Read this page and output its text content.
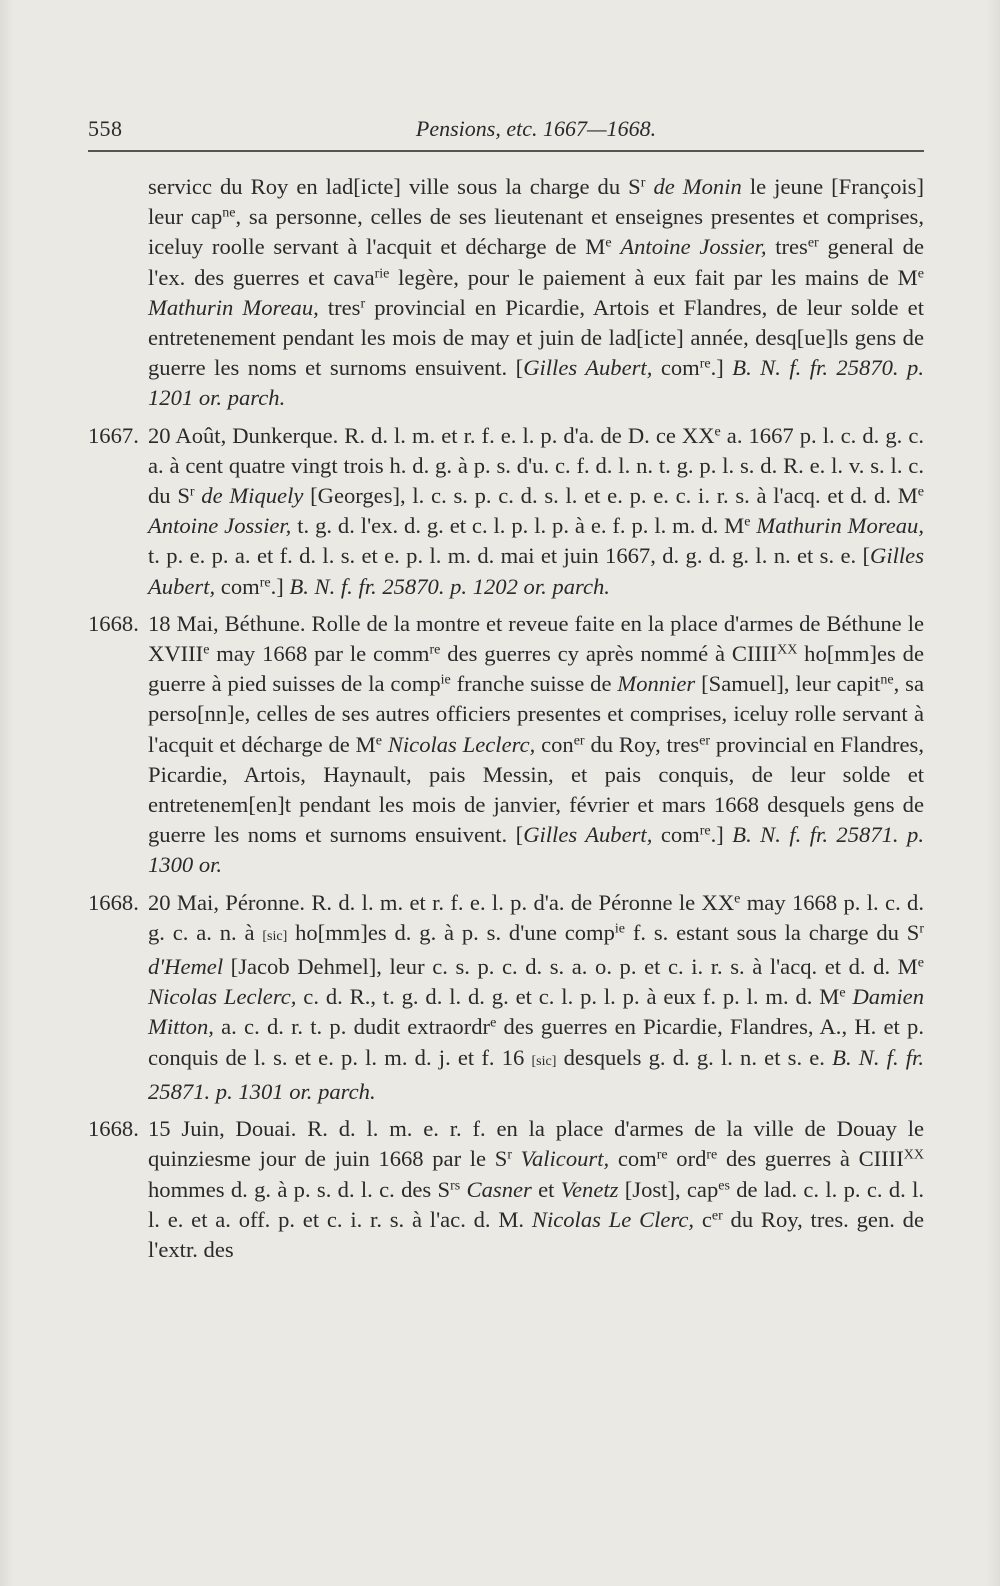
558	Pensions, etc. 1667—1668.

servicc du Roy en lad[icte] ville sous la charge du $S^r$ de Monin le jeune [François] leur cap$^{ne}$, sa personne, celles de ses lieutenant et enseignes presentes et comprises, iceluy roolle servant à l'acquit et décharge de Me Antoine Jossier, tres$^{er}$ general de l'ex. des guerres et cava$^{rie}$ legère, pour le paiement à eux fait par les mains de Me Mathurin Moreau, tres$^r$ provincial en Picardie, Artois et Flandres, de leur solde et entretenement pendant les mois de may et juin de lad[icte] année, desq[ue]ls gens de guerre les noms et surnoms ensuivent. [Gilles Aubert, com$^{re}$.] B. N. f. fr. 25870. p. 1201 or. parch.

1667. 20 Août, Dunkerque. R. d. l. m. et r. f. e. l. p. d'a. de D. ce XXe a. 1667 p. l. c. d. g. c. a. à cent quatre vingt trois h. d. g. à p. s. d'u. c. f. d. l. n. t. g. p. l. s. d. R. e. l. v. s. l. c. du $S^r$ de Miquely [Georges], l. c. s. p. c. d. s. l. et e. p. e. c. i. r. s. à l'acq. et d. d. Me Antoine Jossier, t. g. d. l'ex. d. g. et c. l. p. l. p. à e. f. p. l. m. d. Me Mathurin Moreau, t. p. e. p. a. et f. d. l. s. et e. p. l. m. d. mai et juin 1667, d. g. d. g. l. n. et s. e. [Gilles Aubert, com$^{re}$.] B. N. f. fr. 25870. p. 1202 or. parch.
1668. 18 Mai, Béthune. Rolle de la montre et reveue faite en la place d'armes de Béthune le XVIIIe may 1668 par le comm$^{re}$ des guerres cy après nommé à $CIIII^{XX}$ ho[mm]es de guerre à pied suisses de la comp$^{ie}$ franche suisse de Monnier [Samuel], leur capit$^{ne}$, sa perso[nn]e, celles de ses autres officiers presentes et comprises, iceluy rolle servant à l'acquit et décharge de Me Nicolas Leclerc, con$^{er}$ du Roy, tres$^{er}$ provincial en Flandres, Picardie, Artois, Haynault, pais Messin, et pais conquis, de leur solde et entretenem[en]t pendant les mois de janvier, février et mars 1668 desquels gens de guerre les noms et surnoms ensuivent. [Gilles Aubert, com$^{re}$.] B. N. f. fr. 25871. p. 1300 or.
1668. 20 Mai, Péronne. R. d. l. m. et r. f. e. l. p. d'a. de Péronne le XXe may 1668 p. l. c. d. g. c. a. n. à [sic] ho[mm]es d. g. à p. s. d'une comp$^{ie}$ f. s. estant sous la charge du $S^r$ d'Hemel [Jacob Dehmel], leur c. s. p. c. d. s. a. o. p. et c. i. r. s. à l'acq. et d. d. Me Nicolas Leclerc, c. d. R., t. g. d. l. d. g. et c. l. p. l. p. à eux f. p. l. m. d. Me Damien Mitton, a. c. d. r. t. p. dudit extraordr$^e$ des guerres en Picardie, Flandres, A., H. et p. conquis de l. s. et e. p. l. m. d. j. et f. 16 [sic] desquels g. d. g. l. n. et s. e. B. N. f. fr. 25871. p. 1301 or. parch.
1668. 15 Juin, Douai. R. d. l. m. e. r. f. en la place d'armes de la ville de Douay le quinziesme jour de juin 1668 par le $S^r$ Valicourt, com$^{re}$ ord$^{re}$ des guerres à $CIIII^{XX}$ hommes d. g. à p. s. d. l. c. des $S^{rs}$ Casner et Venetz [Jost], cap$^{es}$ de lad. c. l. p. c. d. l. l. e. et a. off. p. et c. i. r. s. à l'ac. d. M. Nicolas Le Clerc, $c^{er}$ du Roy, tres. gen. de l'extr. des
